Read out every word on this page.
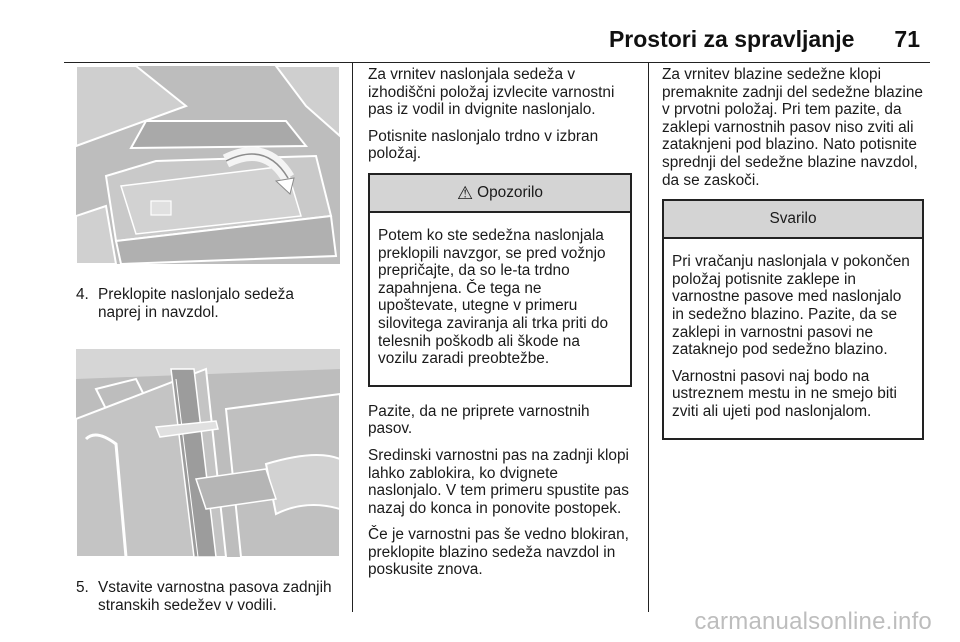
Prostori za spravljanje 71
4. Preklopite naslonjalo sedeža naprej in navzdol.
5. Vstavite varnostna pasova zadnjih stranskih sedežev v vodili.

Za vrnitev naslonjala sedeža v izhodiščni položaj izvlecite varnostni pas iz vodil in dvignite naslonjalo.

Potisnite naslonjalo trdno v izbran položaj.

⚠ Opozorilo

Potem ko ste sedežna naslonjala preklopili navzgor, se pred vožnjo prepričajte, da so le-ta trdno zapahnjena. Če tega ne upoštevate, utegne v primeru silovitega zaviranja ali trka priti do telesnih poškodb ali škode na vozilu zaradi preobtežbe.

Pazite, da ne priprete varnostnih pasov.

Sredinski varnostni pas na zadnji klopi lahko zablokira, ko dvignete naslonjalo. V tem primeru spustite pas nazaj do konca in ponovite postopek.

Če je varnostni pas še vedno blokiran, preklopite blazino sedeža navzdol in poskusite znova.

Za vrnitev blazine sedežne klopi premaknite zadnji del sedežne blazine v prvotni položaj. Pri tem pazite, da zaklepi varnostnih pasov niso zviti ali zataknjeni pod blazino. Nato potisnite sprednji del sedežne blazine navzdol, da se zaskoči.

Svarilo

Pri vračanju naslonjala v pokončen položaj potisnite zaklepe in varnostne pasove med naslonjalo in sedežno blazino. Pazite, da se zaklepi in varnostni pasovi ne zataknejo pod sedežno blazino.

Varnostni pasovi naj bodo na ustreznem mestu in ne smejo biti zviti ali ujeti pod naslonjalom.

carmanualsonline.info
